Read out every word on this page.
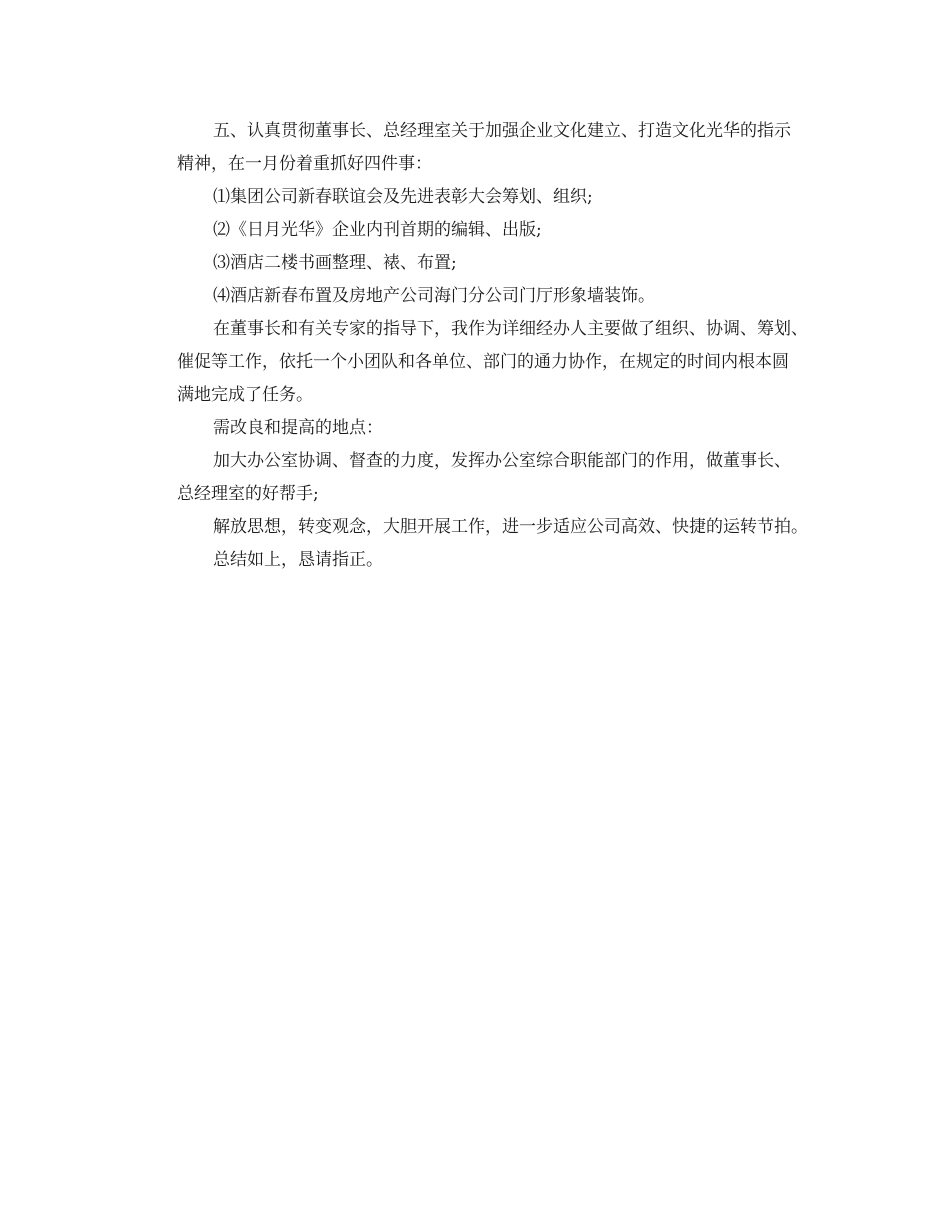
五、认真贯彻董事长、总经理室关于加强企业文化建立、打造文化光华的指示
精神，在一月份着重抓好四件事：
⑴集团公司新春联谊会及先进表彰大会筹划、组织;
⑵《日月光华》企业内刊首期的编辑、出版;
⑶酒店二楼书画整理、裱、布置;
⑷酒店新春布置及房地产公司海门分公司门厅形象墙装饰。
在董事长和有关专家的指导下，我作为详细经办人主要做了组织、协调、筹划、
催促等工作，依托一个小团队和各单位、部门的通力协作，在规定的时间内根本圆
满地完成了任务。
需改良和提高的地点：
加大办公室协调、督查的力度，发挥办公室综合职能部门的作用，做董事长、
总经理室的好帮手;
解放思想，转变观念，大胆开展工作，进一步适应公司高效、快捷的运转节拍。
总结如上，恳请指正。
